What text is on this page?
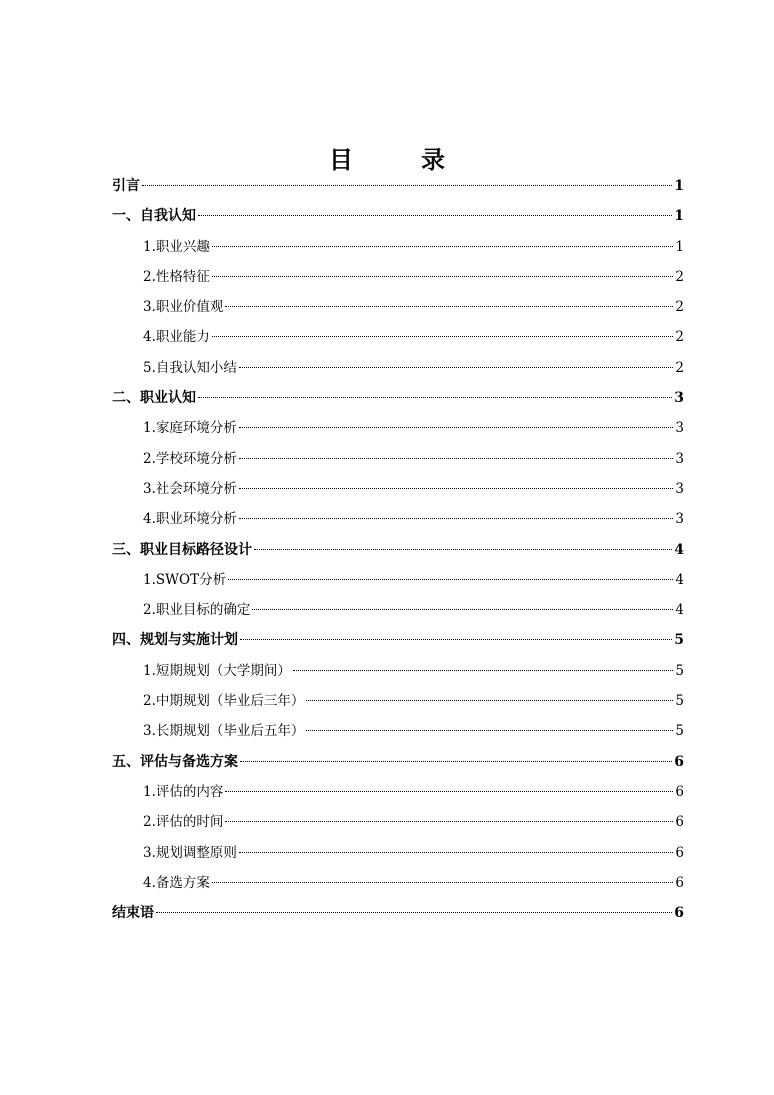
目　录
引言	1
一、自我认知	1
1.职业兴趣	1
2.性格特征	2
3.职业价值观	2
4.职业能力	2
5.自我认知小结	2
二、职业认知	3
1.家庭环境分析	3
2.学校环境分析	3
3.社会环境分析	3
4.职业环境分析	3
三、职业目标路径设计	4
1.SWOT分析	4
2.职业目标的确定	4
四、规划与实施计划	5
1.短期规划（大学期间）	5
2.中期规划（毕业后三年）	5
3.长期规划（毕业后五年）	5
五、评估与备选方案	6
1.评估的内容	6
2.评估的时间	6
3.规划调整原则	6
4.备选方案	6
结束语	6
